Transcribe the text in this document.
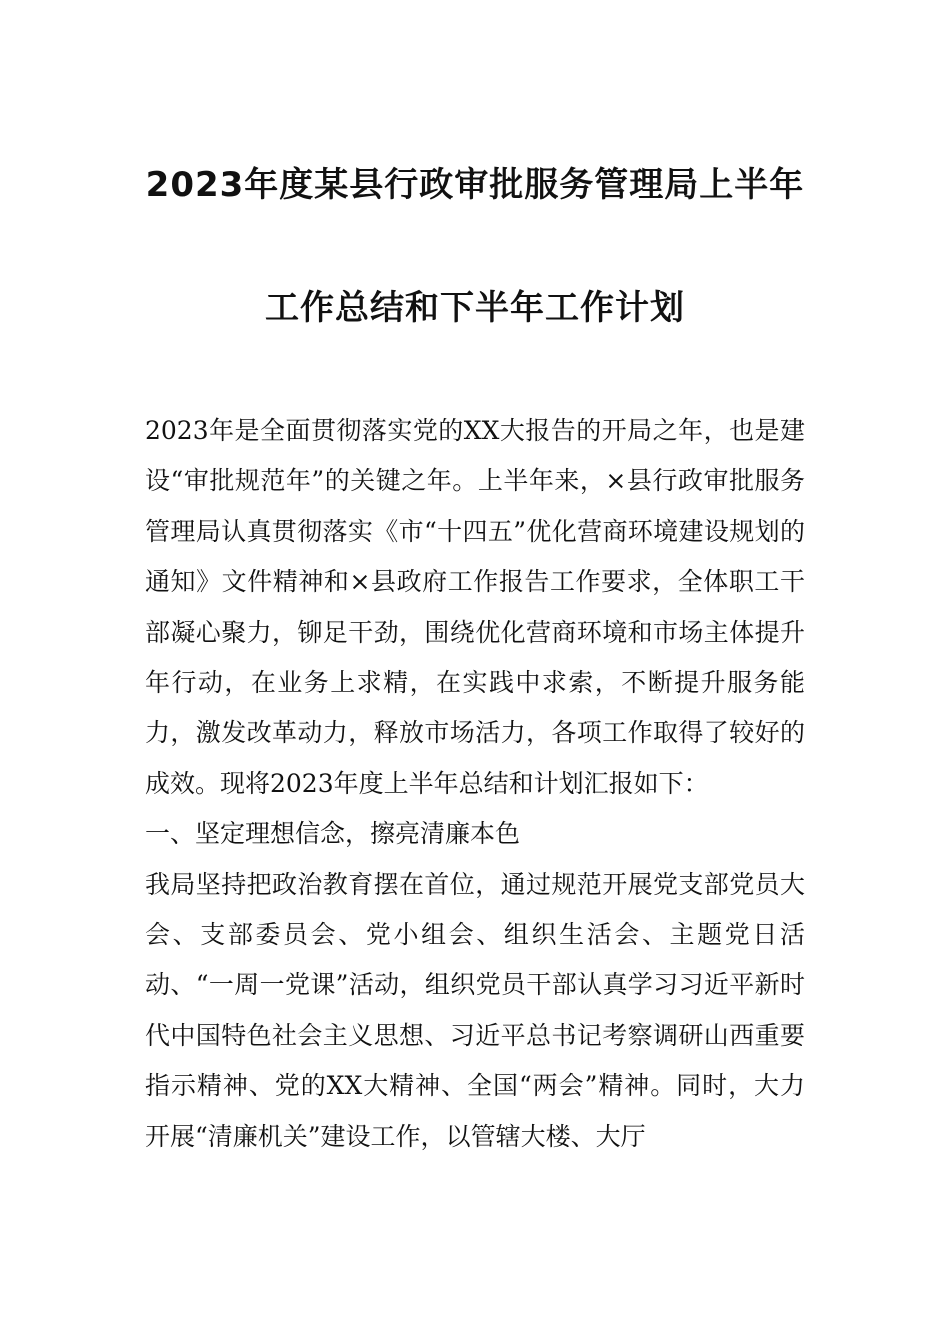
2023年度某县行政审批服务管理局上半年
工作总结和下半年工作计划

2023年是全面贯彻落实党的XX大报告的开局之年，也是建设“审批规范年”的关键之年。上半年来，×县行政审批服务管理局认真贯彻落实《市“十四五”优化营商环境建设规划的通知》文件精神和×县政府工作报告工作要求，全体职工干部凝心聚力，铆足干劲，围绕优化营商环境和市场主体提升年行动，在业务上求精，在实践中求索，不断提升服务能力，激发改革动力，释放市场活力，各项工作取得了较好的成效。现将2023年度上半年总结和计划汇报如下：

一、坚定理想信念，擦亮清廉本色

我局坚持把政治教育摆在首位，通过规范开展党支部党员大会、支部委员会、党小组会、组织生活会、主题党日活动、“一周一党课”活动，组织党员干部认真学习习近平新时代中国特色社会主义思想、习近平总书记考察调研山西重要指示精神、党的XX大精神、全国“两会”精神。同时，大力开展“清廉机关”建设工作，以管辖大楼、大厅
